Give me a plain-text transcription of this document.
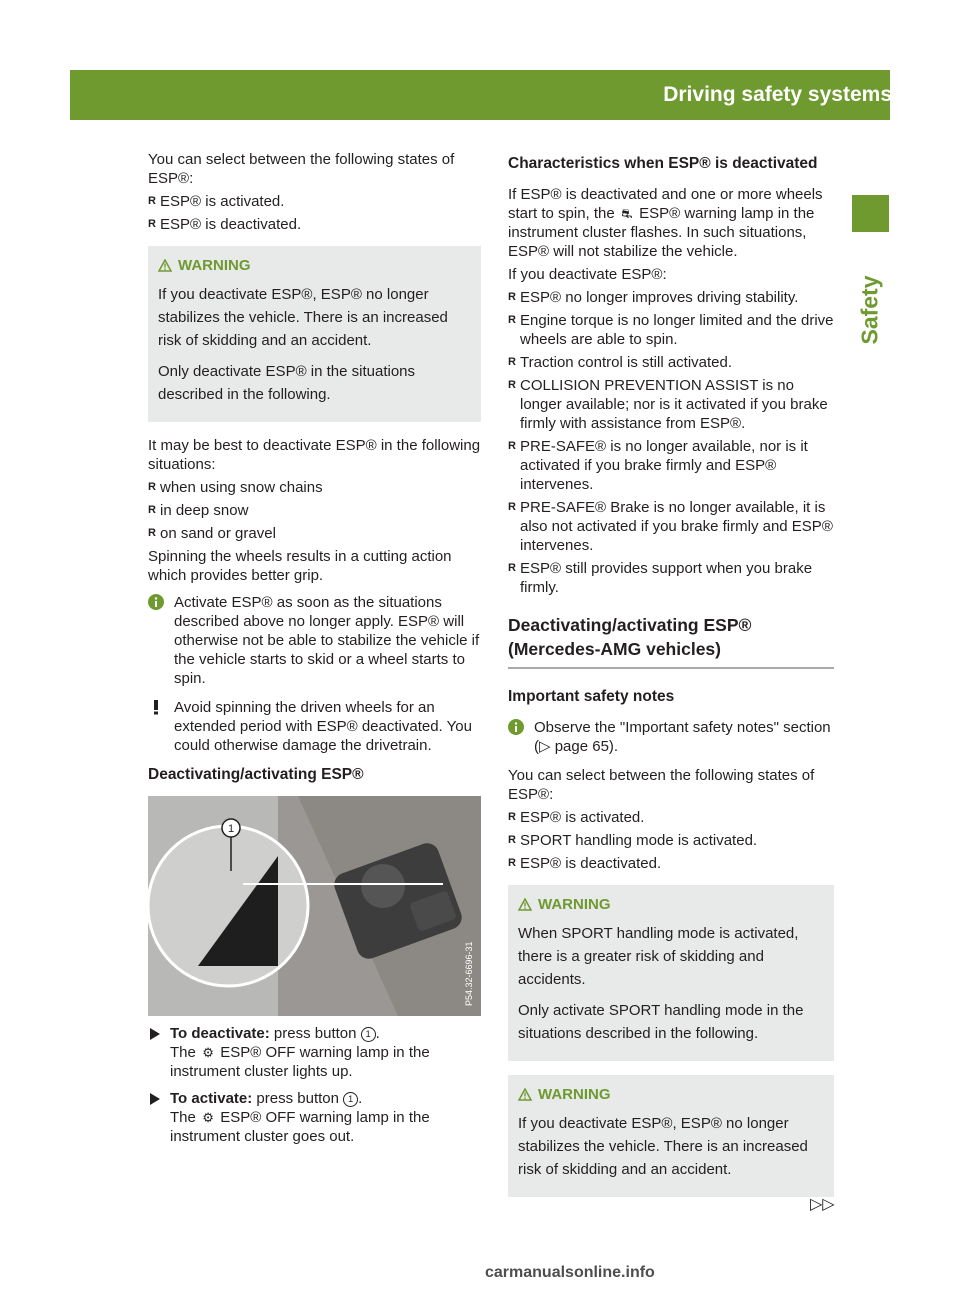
Driving safety systems	71
Safety

You can select between the following states of ESP®:

R ESP® is activated.
R ESP® is deactivated.
WARNING

If you deactivate ESP®, ESP® no longer stabilizes the vehicle. There is an increased risk of skidding and an accident.

Only deactivate ESP® in the situations described in the following.

It may be best to deactivate ESP® in the following situations:

R when using snow chains
R in deep snow
R on sand or gravel

Spinning the wheels results in a cutting action which provides better grip.

Activate ESP® as soon as the situations described above no longer apply. ESP® will otherwise not be able to stabilize the vehicle if the vehicle starts to skid or a wheel starts to spin.
Avoid spinning the driven wheels for an extended period with ESP® deactivated. You could otherwise damage the drivetrain.
Deactivating/activating ESP®
1
P54.32-6696-31
To deactivate: press button 1 .
The ⚙ ESP® OFF warning lamp in the instrument cluster lights up.
To activate: press button 1 .
The ⚙ ESP® OFF warning lamp in the instrument cluster goes out.
Characteristics when ESP® is deactivated

If ESP® is deactivated and one or more wheels start to spin, the ⛐ ESP® warning lamp in the instrument cluster flashes. In such situations, ESP® will not stabilize the vehicle.

If you deactivate ESP®:

R ESP® no longer improves driving stability.
R Engine torque is no longer limited and the drive wheels are able to spin.
R Traction control is still activated.
R COLLISION PREVENTION ASSIST is no longer available; nor is it activated if you brake firmly with assistance from ESP®.
R PRE-SAFE® is no longer available, nor is it activated if you brake firmly and ESP® intervenes.
R PRE-SAFE® Brake is no longer available, it is also not activated if you brake firmly and ESP® intervenes.
R ESP® still provides support when you brake firmly.
Deactivating/activating ESP® (Mercedes-AMG vehicles)
Important safety notes
Observe the "Important safety notes" section (▷ page 65).

You can select between the following states of ESP®:

R ESP® is activated.
R SPORT handling mode is activated.
R ESP® is deactivated.
WARNING

When SPORT handling mode is activated, there is a greater risk of skidding and accidents.

Only activate SPORT handling mode in the situations described in the following.

WARNING

If you deactivate ESP®, ESP® no longer stabilizes the vehicle. There is an increased risk of skidding and an accident.

▷▷
carmanualsonline.info
